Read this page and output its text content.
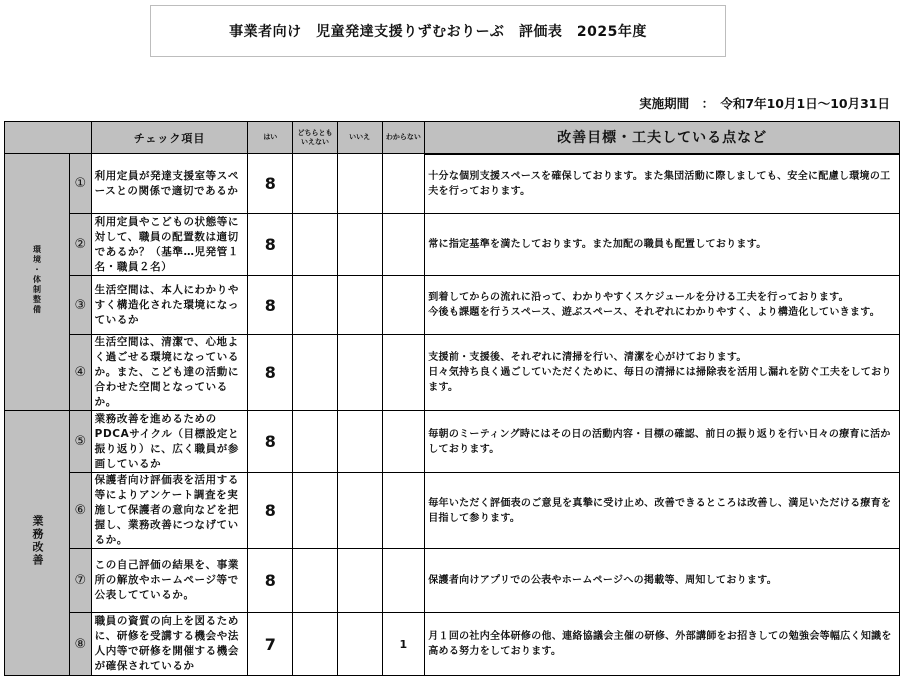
事業者向け　児童発達支援りずむおりーぶ　評価表　2025年度
実施期間　：　令和7年10月1日～10月31日
		チェック項目	はい	どちらとも
いえない	いいえ	わからない	改善目標・工夫している点など
環境・体制整備	①	利用定員が発達支援室等スペースとの関係で適切であるか	8				十分な個別支援スペースを確保しております。また集団活動に際しましても、安全に配慮し環境の工夫を行っております。
	②	利用定員やこどもの状態等に対して、職員の配置数は適切であるか？（基準…児発管１名・職員２名）	8				常に指定基準を満たしております。また加配の職員も配置しております。
	③	生活空間は、本人にわかりやすく構造化された環境になっているか	8				到着してからの流れに沿って、わかりやすくスケジュールを分ける工夫を行っております。
今後も課題を行うスペース、遊ぶスペース、それぞれにわかりやすく、より構造化していきます。
	④	生活空間は、清潔で、心地よく過ごせる環境になっているか。また、こども達の活動に合わせた空間となっているか。	8				支援前・支援後、それぞれに清掃を行い、清潔を心がけております。
日々気持ち良く過ごしていただくために、毎日の清掃には掃除表を活用し漏れを防ぐ工夫をしております。
業務改善	⑤	業務改善を進めるためのPDCAサイクル（目標設定と振り返り）に、広く職員が参画しているか	8				毎朝のミーティング時にはその日の活動内容・目標の確認、前日の振り返りを行い日々の療育に活かしております。
	⑥	保護者向け評価表を活用する等によりアンケート調査を実施して保護者の意向などを把握し、業務改善につなげているか。	8				毎年いただく評価表のご意見を真摯に受け止め、改善できるところは改善し、満足いただける療育を目指して参ります。
	⑦	この自己評価の結果を、事業所の解放やホームページ等で公表してているか。	8				保護者向けアプリでの公表やホームページへの掲載等、周知しております。
	⑧	職員の資質の向上を図るために、研修を受講する機会や法人内等で研修を開催する機会が確保されているか	7			1	月１回の社内全体研修の他、連絡協議会主催の研修、外部講師をお招きしての勉強会等幅広く知識を高める努力をしております。
